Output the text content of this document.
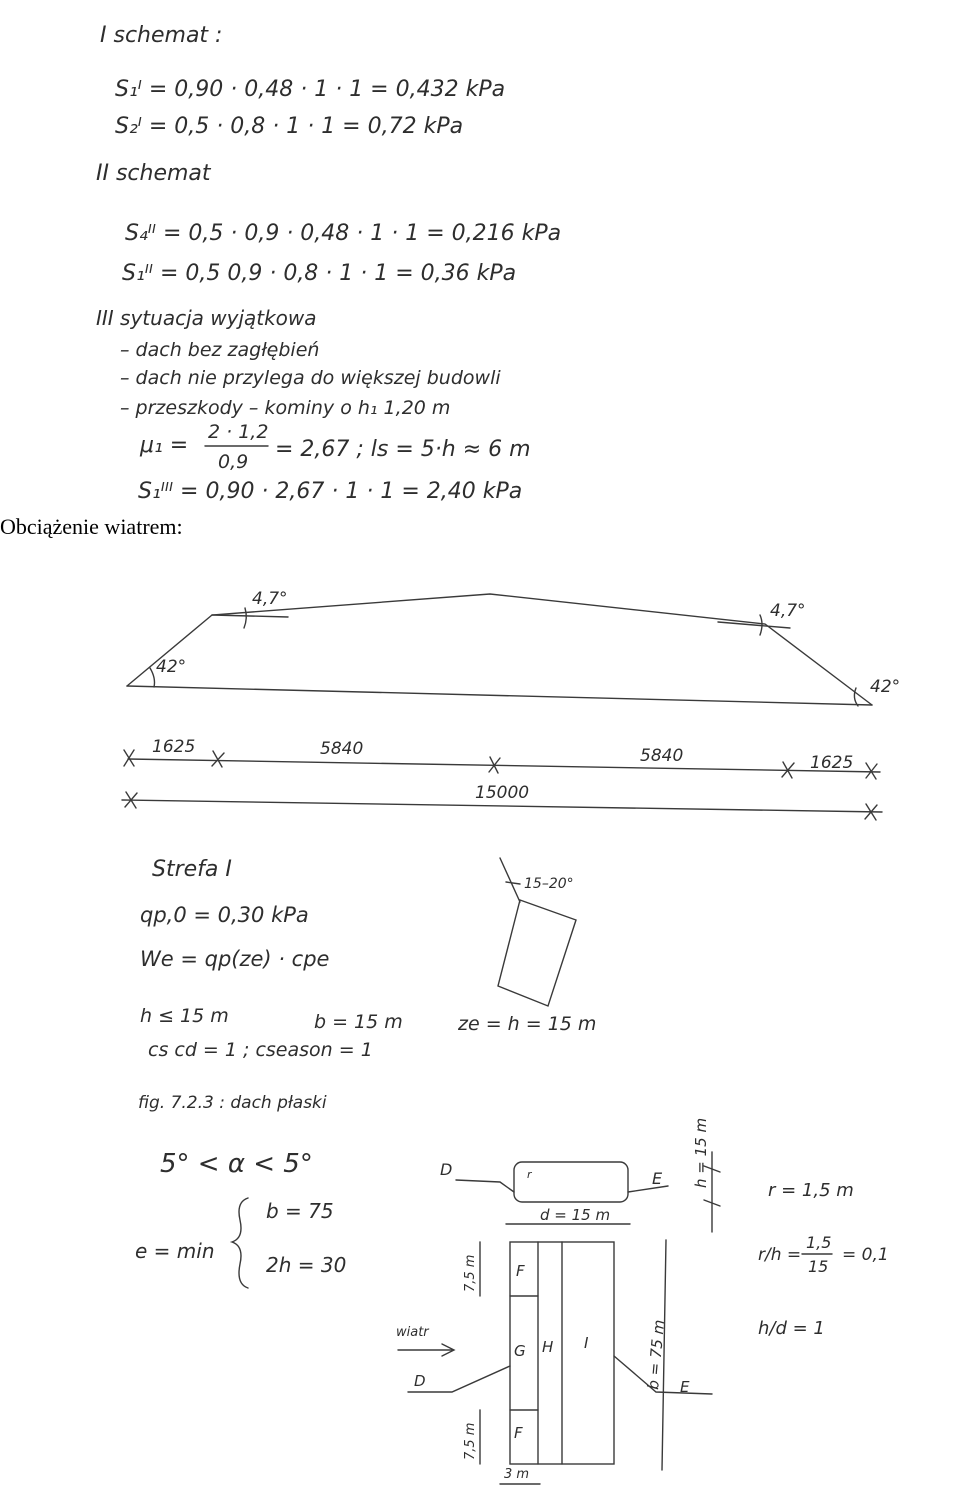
I schemat :
S₁ᴵ = 0,90 · 0,48 · 1 · 1 = 0,432 kPa
S₂ᴵ = 0,5 · 0,8 · 1 · 1 = 0,72 kPa
II schemat
S₄ᴵᴵ = 0,5 · 0,9 · 0,48 · 1 · 1 = 0,216 kPa
S₁ᴵᴵ = 0,5 0,9 · 0,8 · 1 · 1 = 0,36 kPa
III sytuacja wyjątkowa
– dach bez zagłębień
– dach nie przylega do większej budowli
– przeszkody – kominy o h₁ 1,20 m
μ₁ =
2 · 1,2
0,9 = 2,67 ; ls = 5·h ≈ 6 m
S₁ᴵᴵᴵ = 0,90 · 2,67 · 1 · 1 = 2,40 kPa
Obciążenie wiatrem:
4,7°
4,7°
42°
42°
1625	5840	5840	1625
15000
Strefa I
qp,0 = 0,30 kPa
We = qp(ze) · cpe
h ≤ 15 m	b = 15 m	ze = h = 15 m
cs cd = 1 ; cseason = 1
15–20°
fig. 7.2.3 : dach płaski
5° < α < 5°
e = min
b = 75
2h = 30
D	E
r	h = 15 m
d = 15 m
F
G H I
F
7,5 m
7,5 m
b = 75 m
wiatr
D	E
3 m
r = 1,5 m
r/h =
1,5
15
= 0,1
h/d = 1
